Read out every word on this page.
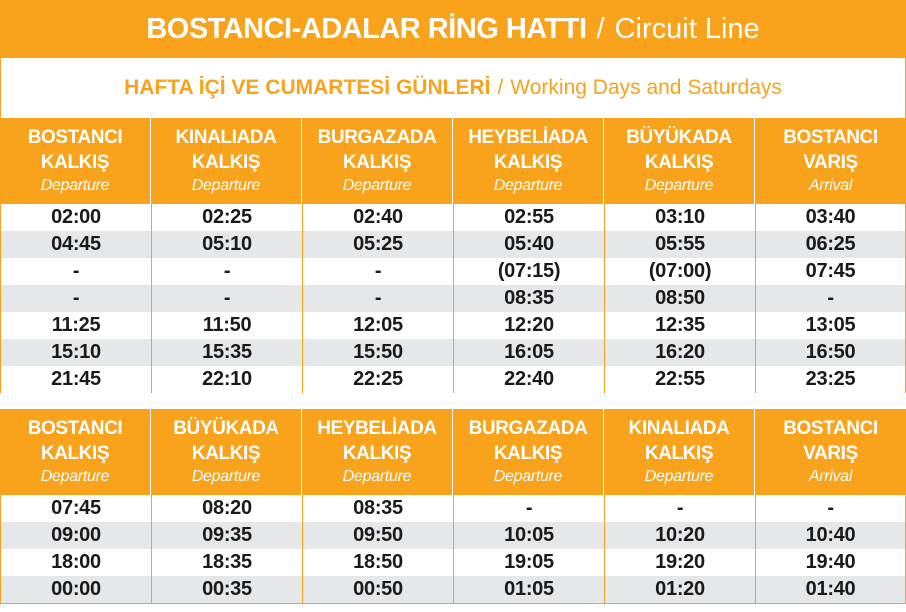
BOSTANCI-ADALAR RİNG HATTI / Circuit Line
HAFTA İÇİ VE CUMARTESİ GÜNLERİ / Working Days and Saturdays
BOSTANCI
KALKIŞ
Departure
KINALIADA
KALKIŞ
Departure
BURGAZADA
KALKIŞ
Departure
HEYBELİADA
KALKIŞ
Departure
BÜYÜKADA
KALKIŞ
Departure
BOSTANCI
VARIŞ
Arrival
02:00	02:25	02:40	02:55	03:10	03:40
04:45	05:10	05:25	05:40	05:55	06:25
-	-	-	(07:15)	(07:00)	07:45
-	-	-	08:35	08:50	-
11:25	11:50	12:05	12:20	12:35	13:05
15:10	15:35	15:50	16:05	16:20	16:50
21:45	22:10	22:25	22:40	22:55	23:25
BOSTANCI
KALKIŞ
Departure
BÜYÜKADA
KALKIŞ
Departure
HEYBELİADA
KALKIŞ
Departure
BURGAZADA
KALKIŞ
Departure
KINALIADA
KALKIŞ
Departure
BOSTANCI
VARIŞ
Arrival
07:45	08:20	08:35	-	-	-
09:00	09:35	09:50	10:05	10:20	10:40
18:00	18:35	18:50	19:05	19:20	19:40
00:00	00:35	00:50	01:05	01:20	01:40
